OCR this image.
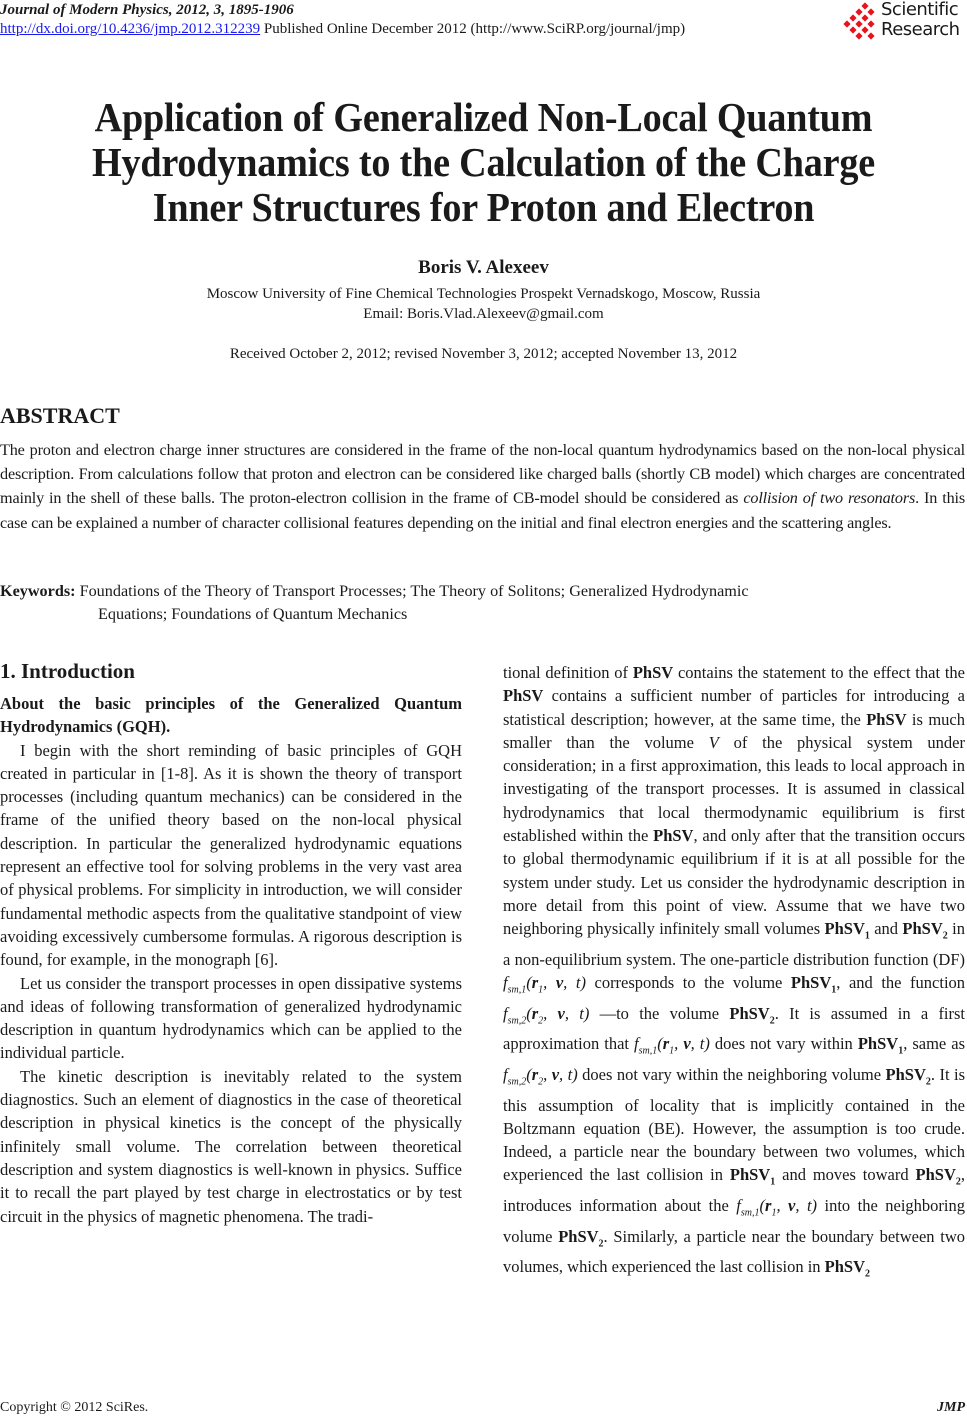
Journal of Modern Physics, 2012, 3, 1895-1906
http://dx.doi.org/10.4236/jmp.2012.312239 Published Online December 2012 (http://www.SciRP.org/journal/jmp)
Scientific
Research
Application of Generalized Non-Local Quantum
Hydrodynamics to the Calculation of the Charge
Inner Structures for Proton and Electron
Boris V. Alexeev
Moscow University of Fine Chemical Technologies Prospekt Vernadskogo, Moscow, Russia
Email: Boris.Vlad.Alexeev@gmail.com
Received October 2, 2012; revised November 3, 2012; accepted November 13, 2012
ABSTRACT
The proton and electron charge inner structures are considered in the frame of the non-local quantum hydrodynamics based on the non-local physical description. From calculations follow that proton and electron can be considered like charged balls (shortly CB model) which charges are concentrated mainly in the shell of these balls. The proton-electron collision in the frame of CB-model should be considered as collision of two resonators. In this case can be explained a number of character collisional features depending on the initial and final electron energies and the scattering angles.
Keywords: Foundations of the Theory of Transport Processes; The Theory of Solitons; Generalized Hydrodynamic
Equations; Foundations of Quantum Mechanics
1. Introduction

About the basic principles of the Generalized Quantum Hydrodynamics (GQH).

I begin with the short reminding of basic principles of GQH created in particular in [1-8]. As it is shown the theory of transport processes (including quantum mechanics) can be considered in the frame of the unified theory based on the non-local physical description. In particular the generalized hydrodynamic equations represent an effective tool for solving problems in the very vast area of physical problems. For simplicity in introduction, we will consider fundamental methodic aspects from the qualitative standpoint of view avoiding excessively cumbersome formulas. A rigorous description is found, for example, in the monograph [6].

Let us consider the transport processes in open dissipative systems and ideas of following transformation of generalized hydrodynamic description in quantum hydrodynamics which can be applied to the individual particle.

The kinetic description is inevitably related to the system diagnostics. Such an element of diagnostics in the case of theoretical description in physical kinetics is the concept of the physically infinitely small volume. The correlation between theoretical description and system diagnostics is well-known in physics. Suffice it to recall the part played by test charge in electrostatics or by test circuit in the physics of magnetic phenomena. The tradi-

tional definition of PhSV contains the statement to the effect that the PhSV contains a sufficient number of particles for introducing a statistical description; however, at the same time, the PhSV is much smaller than the volume V of the physical system under consideration; in a first approximation, this leads to local approach in investigating of the transport processes. It is assumed in classical hydrodynamics that local thermodynamic equilibrium is first established within the PhSV, and only after that the transition occurs to global thermodynamic equilibrium if it is at all possible for the system under study. Let us consider the hydrodynamic description in more detail from this point of view. Assume that we have two neighboring physically infinitely small volumes PhSV$_1$ and PhSV$_2$ in a non-equilibrium system. The one-particle distribution function (DF) $f_{sm,1}(r_1$, v, t) corresponds to the volume PhSV$_1$, and the function $f_{sm,2}(r_2$, v, t) —to the volume PhSV$_2$. It is assumed in a first approximation that $f_{sm,1}(r_1$, v, t) does not vary within PhSV$_1$, same as $f_{sm,2}(r_2$, v, t) does not vary within the neighboring volume PhSV$_2$. It is this assumption of locality that is implicitly contained in the Boltzmann equation (BE). However, the assumption is too crude. Indeed, a particle near the boundary between two volumes, which experienced the last collision in PhSV$_1$ and moves toward PhSV$_2$, introduces information about the $f_{sm,1}(r_1$, v, t) into the neighboring volume PhSV$_2$. Similarly, a particle near the boundary between two volumes, which experienced the last collision in PhSV$_2$

Copyright © 2012 SciRes.	JMP
